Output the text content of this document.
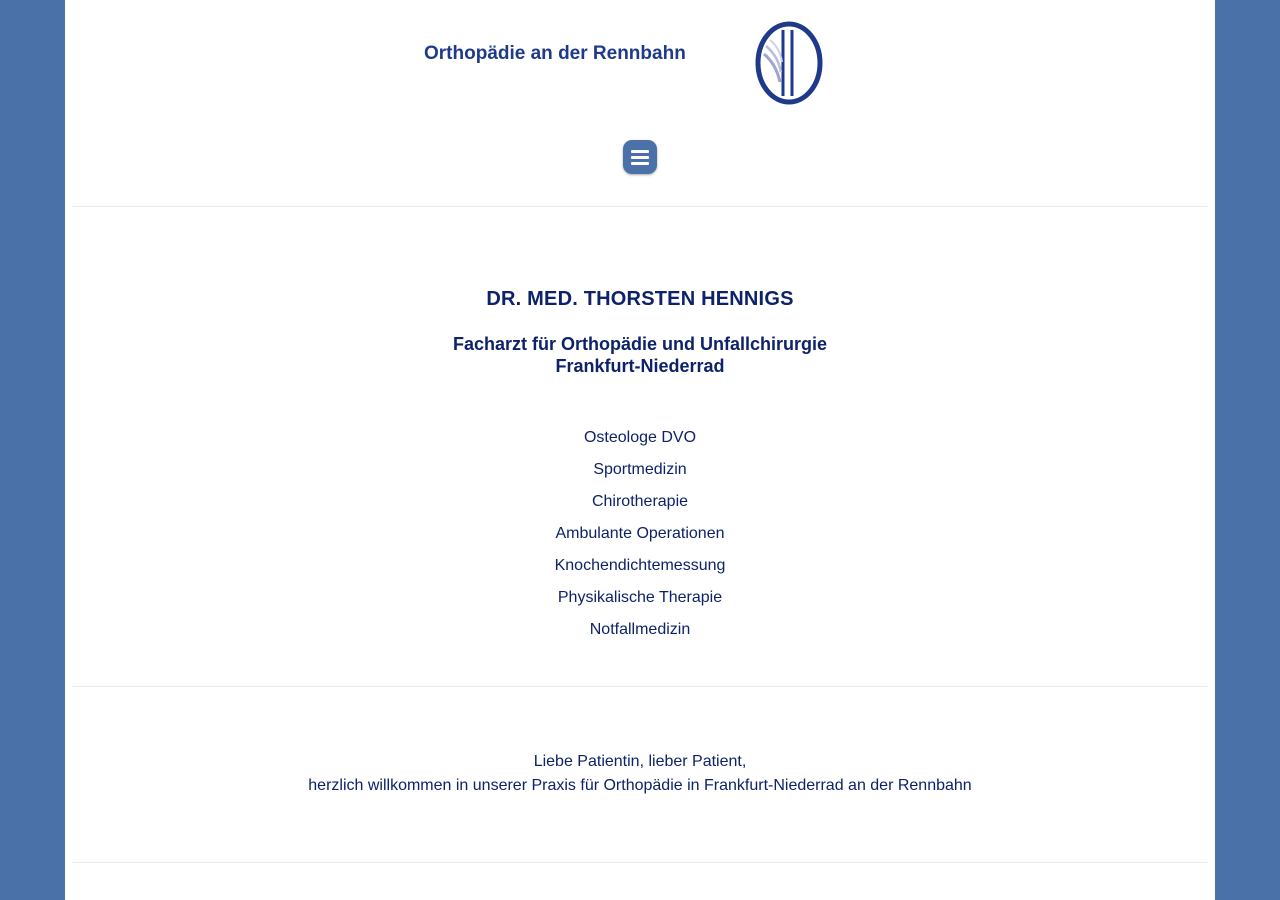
Orthopädie an der Rennbahn
DR. MED. THORSTEN HENNIGS
Facharzt für Orthopädie und Unfallchirurgie
Frankfurt-Niederrad
Osteologe DVO
Sportmedizin
Chirotherapie
Ambulante Operationen
Knochendichtemessung
Physikalische Therapie
Notfallmedizin
Liebe Patientin, lieber Patient,
herzlich willkommen in unserer Praxis für Orthopädie in Frankfurt-Niederrad an der Rennbahn
